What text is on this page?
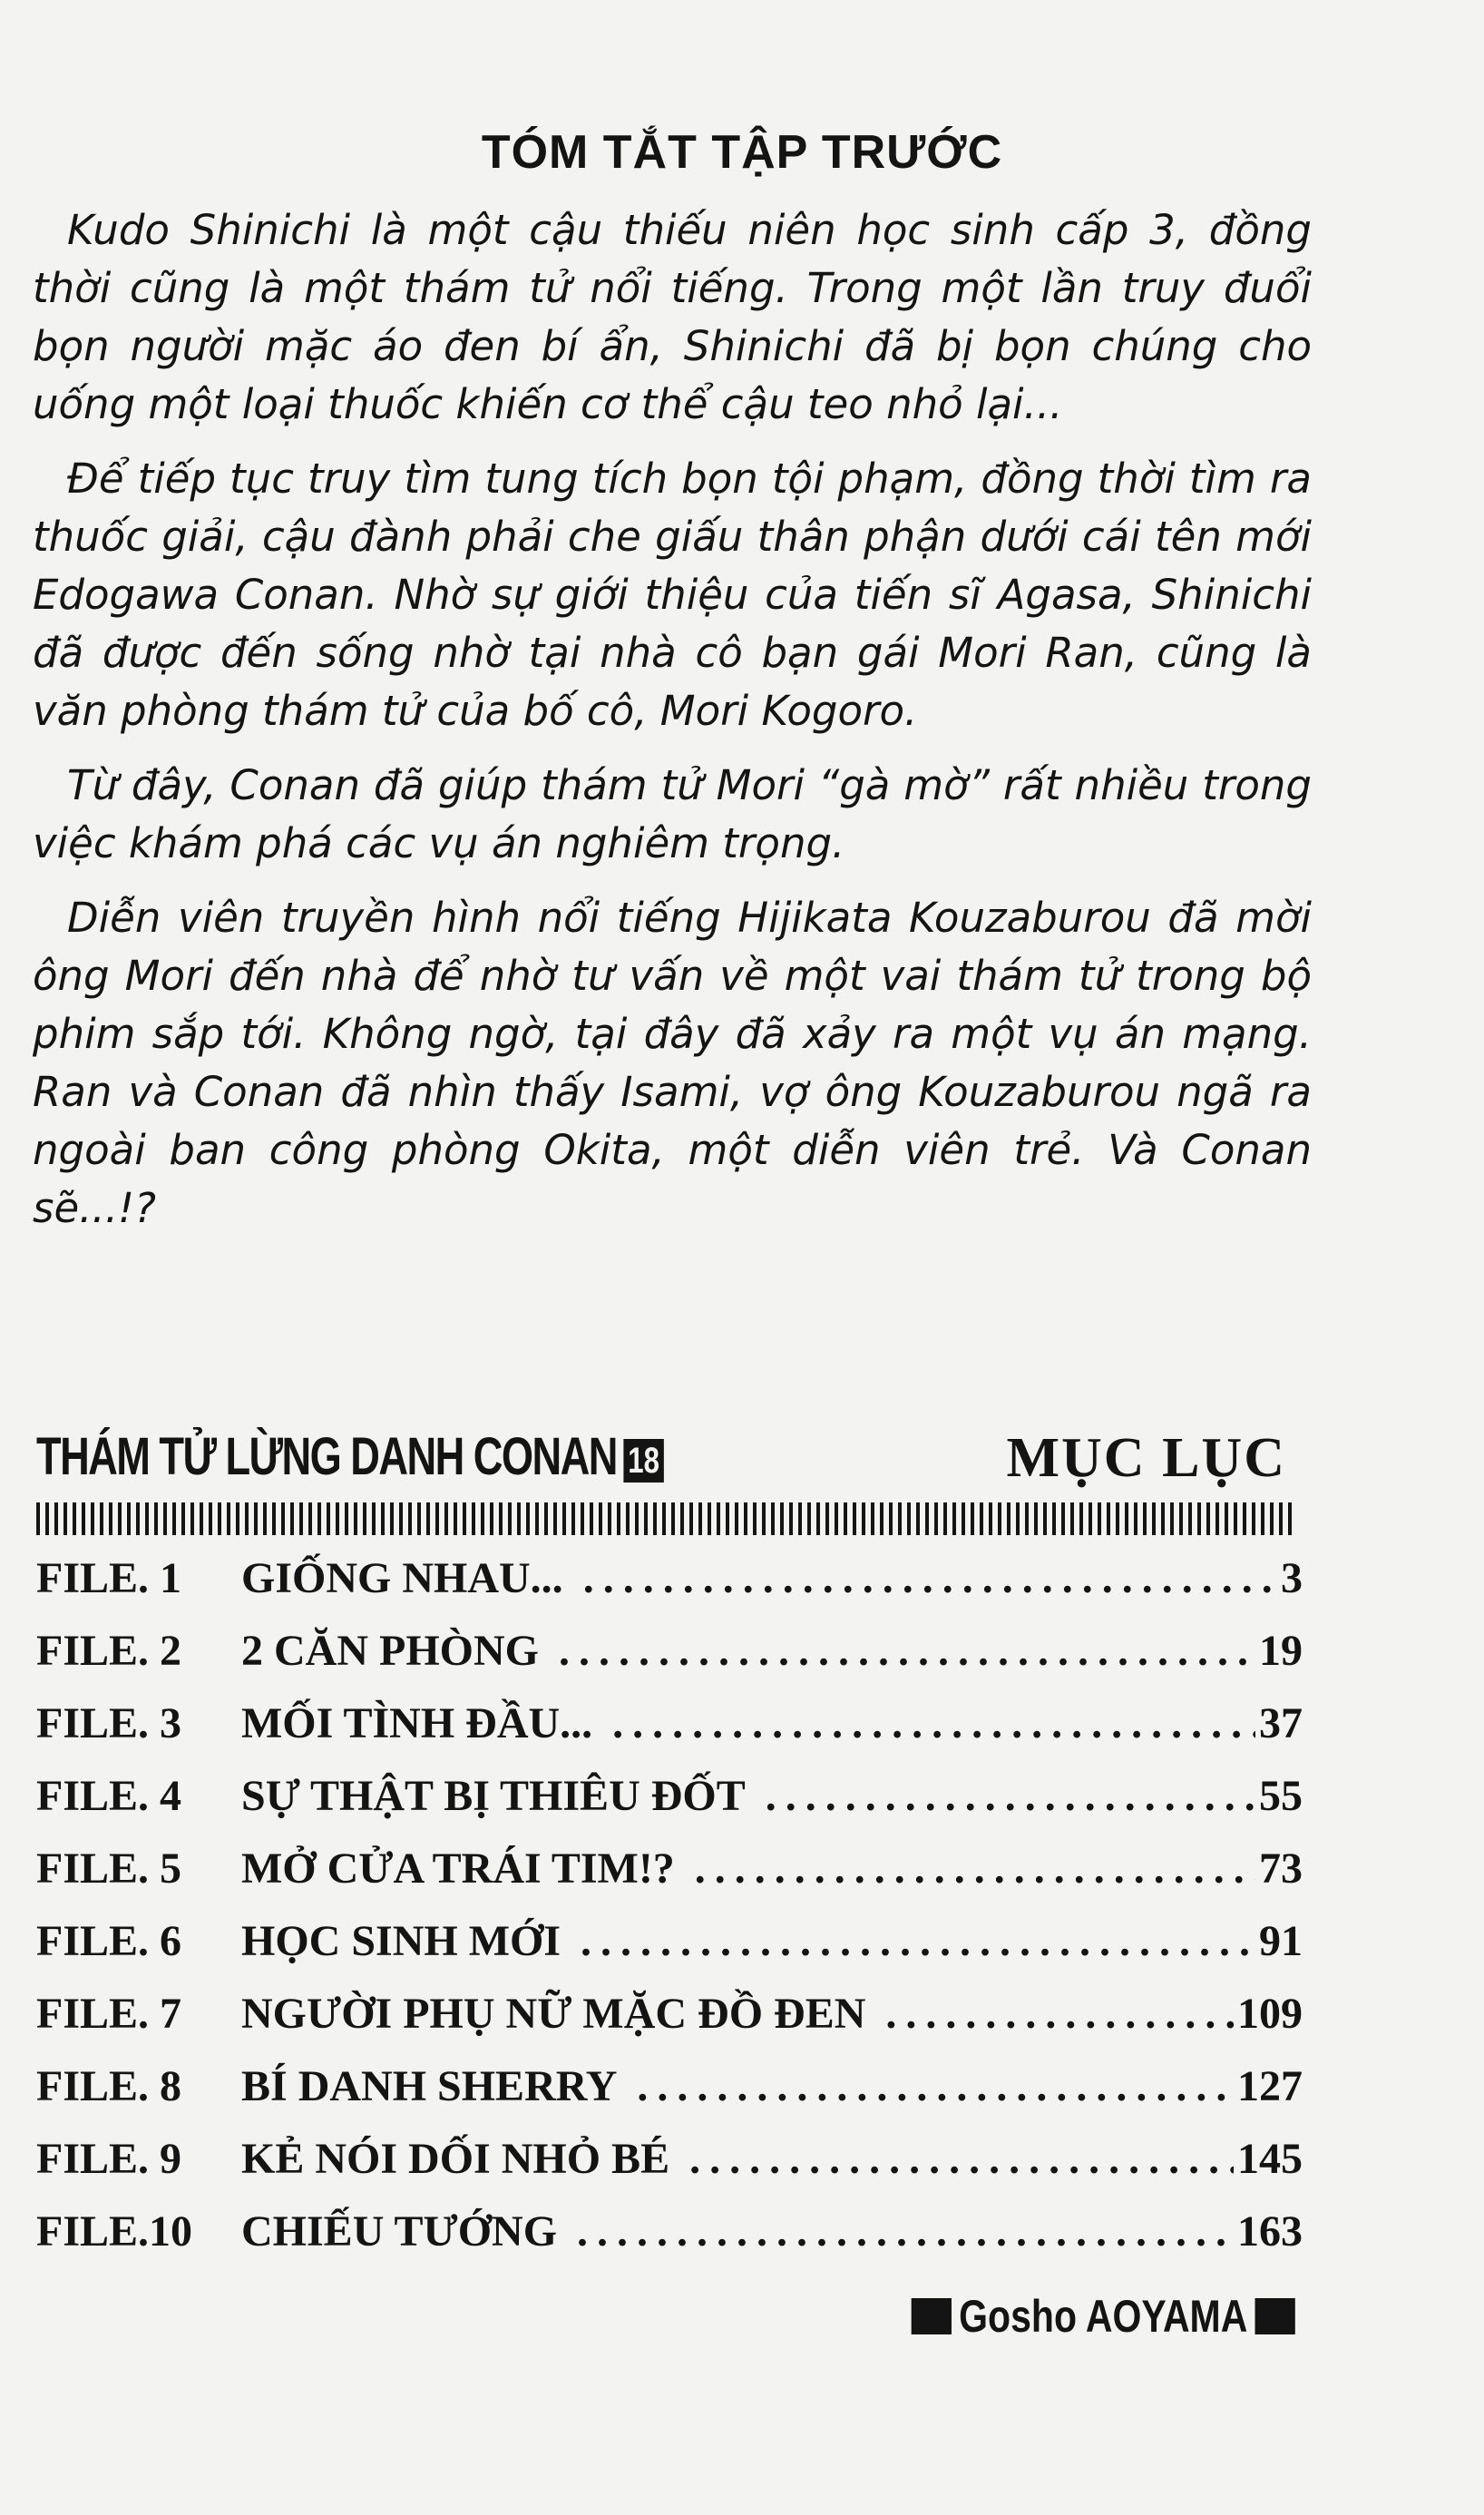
TÓM TẮT TẬP TRƯỚC

Kudo Shinichi là một cậu thiếu niên học sinh cấp 3, đồng thời cũng là một thám tử nổi tiếng. Trong một lần truy đuổi bọn người mặc áo đen bí ẩn, Shinichi đã bị bọn chúng cho uống một loại thuốc khiến cơ thể cậu teo nhỏ lại...

Để tiếp tục truy tìm tung tích bọn tội phạm, đồng thời tìm ra thuốc giải, cậu đành phải che giấu thân phận dưới cái tên mới Edogawa Conan. Nhờ sự giới thiệu của tiến sĩ Agasa, Shinichi đã được đến sống nhờ tại nhà cô bạn gái Mori Ran, cũng là văn phòng thám tử của bố cô, Mori Kogoro.

Từ đây, Conan đã giúp thám tử Mori “gà mờ” rất nhiều trong việc khám phá các vụ án nghiêm trọng.

Diễn viên truyền hình nổi tiếng Hijikata Kouzaburou đã mời ông Mori đến nhà để nhờ tư vấn về một vai thám tử trong bộ phim sắp tới. Không ngờ, tại đây đã xảy ra một vụ án mạng. Ran và Conan đã nhìn thấy Isami, vợ ông Kouzaburou ngã ra ngoài ban công phòng Okita, một diễn viên trẻ. Và Conan sẽ...!?

THÁM TỬ LỪNG DANH CONAN 18	MỤC LỤC
FILE. 1	GIỐNG NHAU... .....	3
FILE. 2	2 CĂN PHÒNG .....	19
FILE. 3	MỐI TÌNH ĐẦU... .....	37
FILE. 4	SỰ THẬT BỊ THIÊU ĐỐT .....	55
FILE. 5	MỞ CỬA TRÁI TIM!? .....	73
FILE. 6	HỌC SINH MỚI .....	91
FILE. 7	NGƯỜI PHỤ NỮ MẶC ĐỒ ĐEN .....	109
FILE. 8	BÍ DANH SHERRY .....	127
FILE. 9	KẺ NÓI DỐI NHỎ BÉ .....	145
FILE.10	CHIẾU TƯỚNG .....	163
Gosho AOYAMA
